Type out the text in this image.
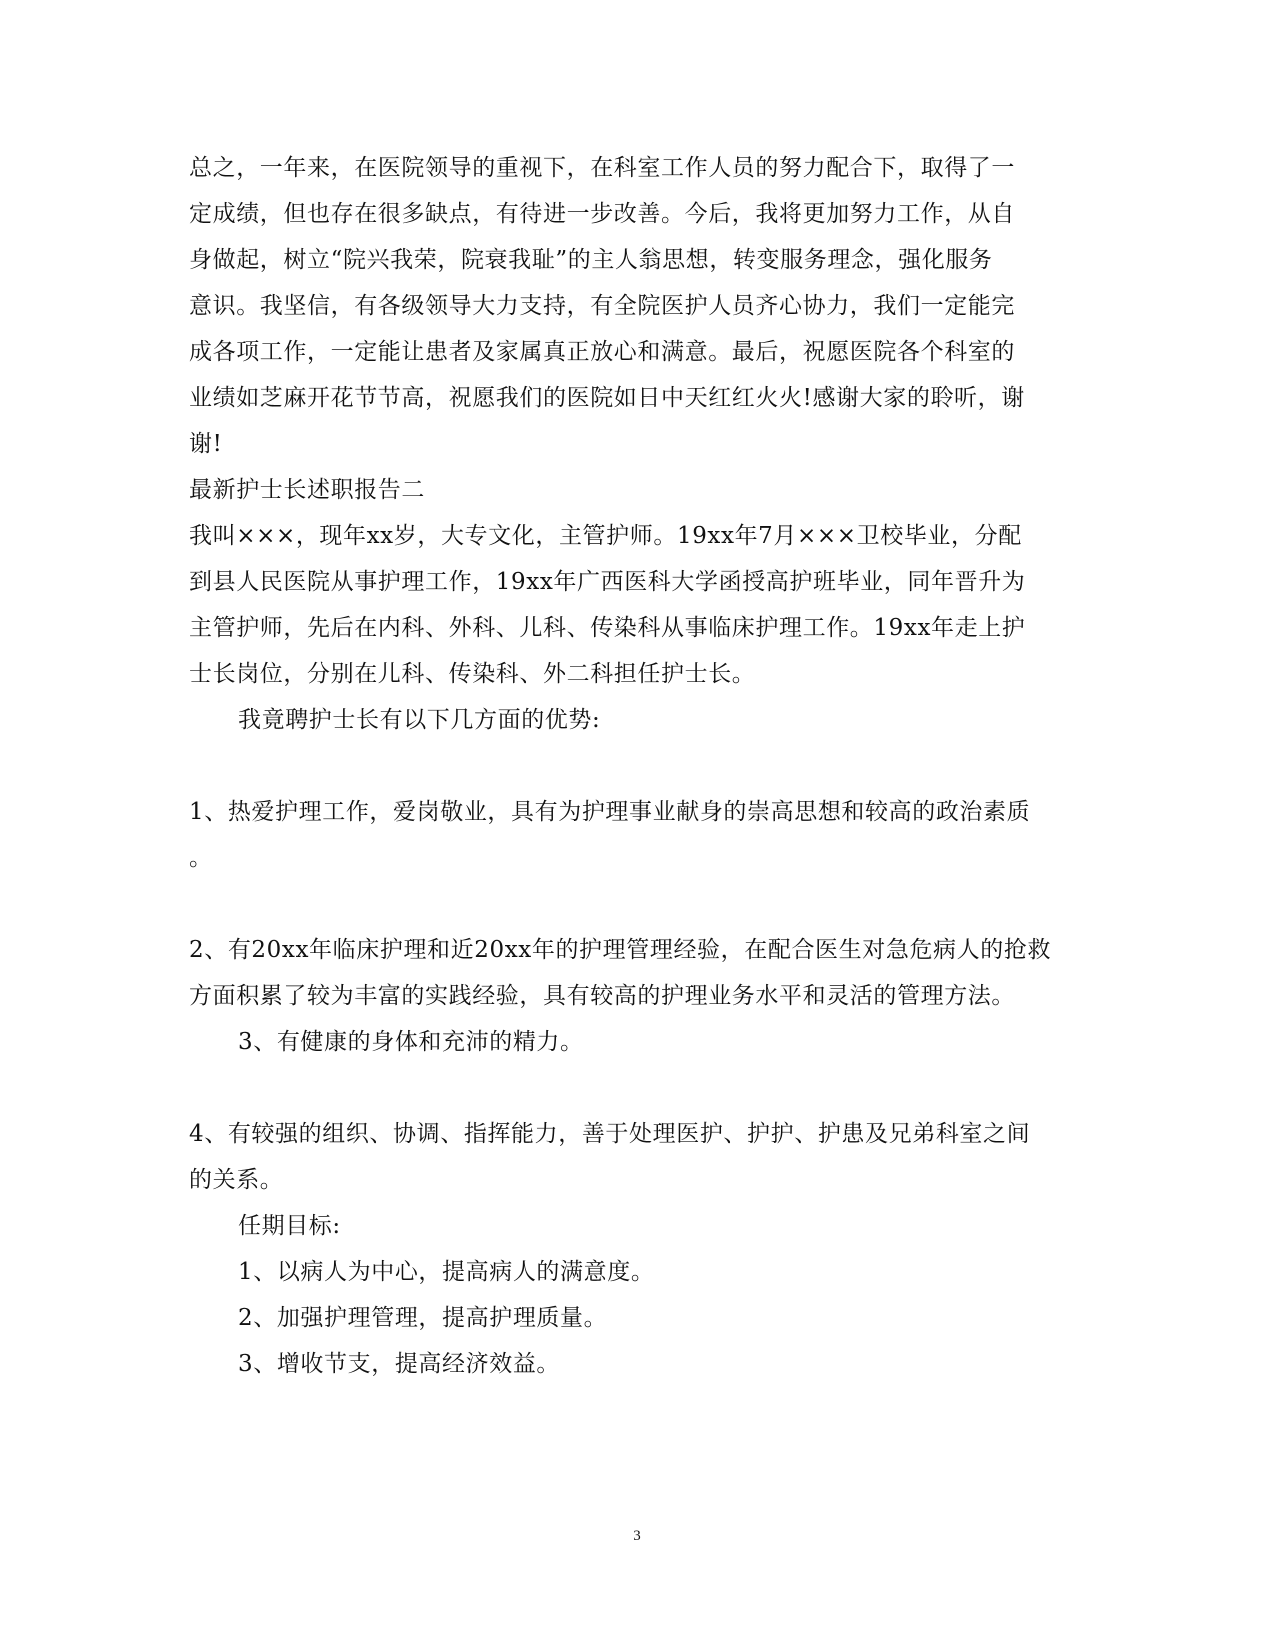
总之，一年来，在医院领导的重视下，在科室工作人员的努力配合下，取得了一
定成绩，但也存在很多缺点，有待进一步改善。今后，我将更加努力工作，从自
身做起，树立“院兴我荣，院衰我耻”的主人翁思想，转变服务理念，强化服务
意识。我坚信，有各级领导大力支持，有全院医护人员齐心协力，我们一定能完
成各项工作，一定能让患者及家属真正放心和满意。最后，祝愿医院各个科室的
业绩如芝麻开花节节高，祝愿我们的医院如日中天红红火火!感谢大家的聆听，谢
谢!
最新护士长述职报告二
我叫×××，现年xx岁，大专文化，主管护师。19xx年7月×××卫校毕业，分配
到县人民医院从事护理工作，19xx年广西医科大学函授高护班毕业，同年晋升为
主管护师，先后在内科、外科、儿科、传染科从事临床护理工作。19xx年走上护
士长岗位，分别在儿科、传染科、外二科担任护士长。
我竟聘护士长有以下几方面的优势:
1、热爱护理工作，爱岗敬业，具有为护理事业献身的崇高思想和较高的政治素质
。
2、有20xx年临床护理和近20xx年的护理管理经验，在配合医生对急危病人的抢救
方面积累了较为丰富的实践经验，具有较高的护理业务水平和灵活的管理方法。
3、有健康的身体和充沛的精力。
4、有较强的组织、协调、指挥能力，善于处理医护、护护、护患及兄弟科室之间
的关系。
任期目标:
1、以病人为中心，提高病人的满意度。
2、加强护理管理，提高护理质量。
3、增收节支，提高经济效益。
3
